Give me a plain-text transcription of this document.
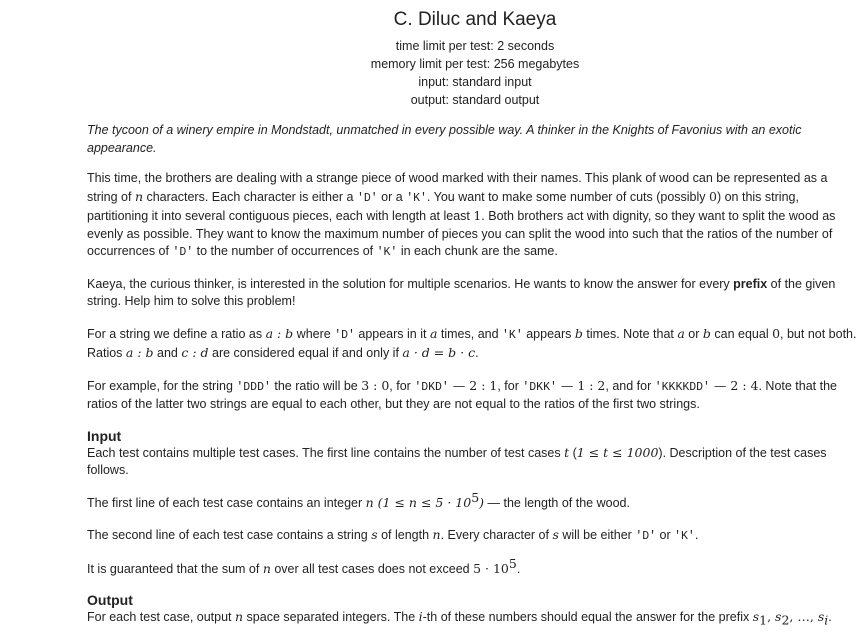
C. Diluc and Kaeya
time limit per test: 2 seconds
memory limit per test: 256 megabytes
input: standard input
output: standard output

The tycoon of a winery empire in Mondstadt, unmatched in every possible way. A thinker in the Knights of Favonius with an exotic appearance.

This time, the brothers are dealing with a strange piece of wood marked with their names. This plank of wood can be represented as a string of n characters. Each character is either a 'D' or a 'K'. You want to make some number of cuts (possibly 0) on this string, partitioning it into several contiguous pieces, each with length at least 1. Both brothers act with dignity, so they want to split the wood as evenly as possible. They want to know the maximum number of pieces you can split the wood into such that the ratios of the number of occurrences of 'D' to the number of occurrences of 'K' in each chunk are the same.

Kaeya, the curious thinker, is interested in the solution for multiple scenarios. He wants to know the answer for every prefix of the given string. Help him to solve this problem!

For a string we define a ratio as a : b where 'D' appears in it a times, and 'K' appears b times. Note that a or b can equal 0, but not both. Ratios a : b and c : d are considered equal if and only if a · d = b · c.

For example, for the string 'DDD' the ratio will be 3 : 0, for 'DKD' — 2 : 1, for 'DKK' — 1 : 2, and for 'KKKKDD' — 2 : 4. Note that the ratios of the latter two strings are equal to each other, but they are not equal to the ratios of the first two strings.

Input

Each test contains multiple test cases. The first line contains the number of test cases t (1 ≤ t ≤ 1000). Description of the test cases follows.

The first line of each test case contains an integer n $(1 \le n \le 5 \cdot 10^5)$ — the length of the wood.

The second line of each test case contains a string s of length n. Every character of s will be either 'D' or 'K'.

It is guaranteed that the sum of n over all test cases does not exceed $5 \cdot 10^5$.

Output

For each test case, output n space separated integers. The i-th of these numbers should equal the answer for the prefix $s_1$, $s_2$, …, $s_i$.
